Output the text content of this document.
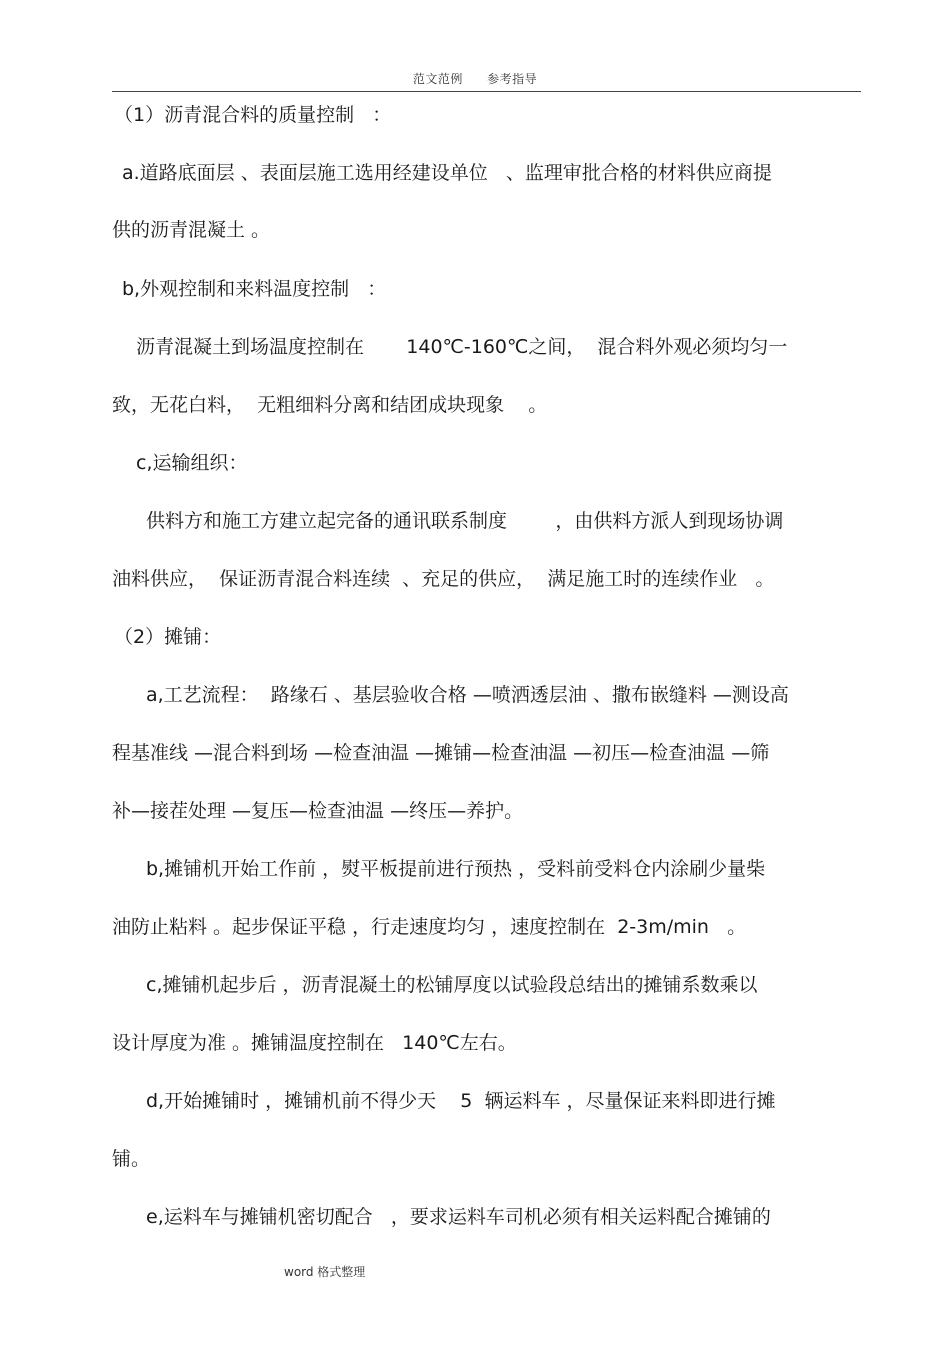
范文范例 参考指导
（1）沥青混合料的质量控制   ：
a.道路底面层 、表面层施工选用经建设单位   、监理审批合格的材料供应商提
供的沥青混凝土 。
b,外观控制和来料温度控制   ：
沥青混凝土到场温度控制在       140℃-160℃之间，  混合料外观必须均匀一
致，无花白料，  无粗细料分离和结团成块现象    。
c,运输组织：
供料方和施工方建立起完备的通讯联系制度        ，由供料方派人到现场协调
油料供应，  保证沥青混合料连续  、充足的供应，  满足施工时的连续作业   。
（2）摊铺：
a,工艺流程：  路缘石 、基层验收合格 —喷洒透层油 、撒布嵌缝料 —测设高
程基准线 —混合料到场 —检查油温 —摊铺—检查油温 —初压—检查油温 —筛
补—接茬处理 —复压—检查油温 —终压—养护。
b,摊铺机开始工作前 ，熨平板提前进行预热 ，受料前受料仓内涂刷少量柴
油防止粘料 。起步保证平稳 ，行走速度均匀 ，速度控制在  2-3m/min   。
c,摊铺机起步后 ，沥青混凝土的松铺厚度以试验段总结出的摊铺系数乘以
设计厚度为准 。摊铺温度控制在   140℃左右。
d,开始摊铺时 ，摊铺机前不得少天    5  辆运料车 ，尽量保证来料即进行摊
铺。
e,运料车与摊铺机密切配合   ，要求运料车司机必须有相关运料配合摊铺的
word 格式整理
